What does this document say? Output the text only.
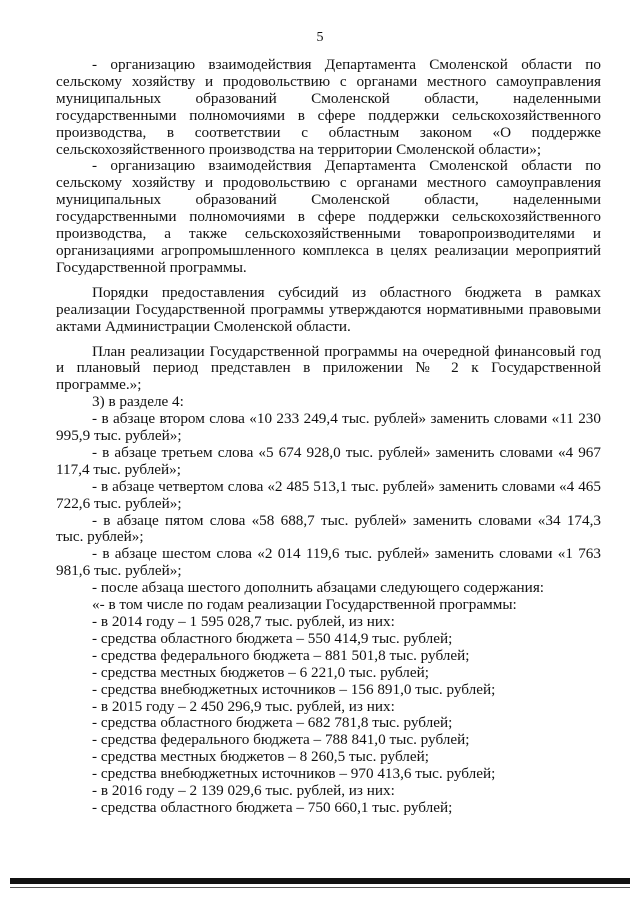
5

- организацию взаимодействия Департамента Смоленской области по сельскому хозяйству и продовольствию с органами местного самоуправления муниципальных образований Смоленской области, наделенными государственными полномочиями в сфере поддержки сельскохозяйственного производства, в соответствии с областным законом «О поддержке сельскохозяйственного производства на территории Смоленской области»;

- организацию взаимодействия Департамента Смоленской области по сельскому хозяйству и продовольствию с органами местного самоуправления муниципальных образований Смоленской области, наделенными государственными полномочиями в сфере поддержки сельскохозяйственного производства, а также сельскохозяйственными товаропроизводителями и организациями агропромышленного комплекса в целях реализации мероприятий Государственной программы.

Порядки предоставления субсидий из областного бюджета в рамках реализации Государственной программы утверждаются нормативными правовыми актами Администрации Смоленской области.

План реализации Государственной программы на очередной финансовый год и плановый период представлен в приложении № 2 к Государственной программе.»;

3) в разделе 4:

- в абзаце втором слова «10 233 249,4 тыс. рублей» заменить словами «11 230 995,9 тыс. рублей»;

- в абзаце третьем слова «5 674 928,0 тыс. рублей» заменить словами «4 967 117,4 тыс. рублей»;

- в абзаце четвертом слова «2 485 513,1 тыс. рублей» заменить словами «4 465 722,6 тыс. рублей»;

- в абзаце пятом слова «58 688,7 тыс. рублей» заменить словами «34 174,3 тыс. рублей»;

- в абзаце шестом слова «2 014 119,6 тыс. рублей» заменить словами «1 763 981,6 тыс. рублей»;

- после абзаца шестого дополнить абзацами следующего содержания:

«- в том числе по годам реализации Государственной программы:

- в 2014 году – 1 595 028,7 тыс. рублей, из них:

- средства областного бюджета – 550 414,9 тыс. рублей;

- средства федерального бюджета – 881 501,8 тыс. рублей;

- средства местных бюджетов – 6 221,0 тыс. рублей;

- средства внебюджетных источников – 156 891,0 тыс. рублей;

- в 2015 году – 2 450 296,9 тыс. рублей, из них:

- средства областного бюджета – 682 781,8 тыс. рублей;

- средства федерального бюджета – 788 841,0 тыс. рублей;

- средства местных бюджетов – 8 260,5 тыс. рублей;

- средства внебюджетных источников – 970 413,6 тыс. рублей;

- в 2016 году – 2 139 029,6 тыс. рублей, из них:

- средства областного бюджета – 750 660,1 тыс. рублей;
